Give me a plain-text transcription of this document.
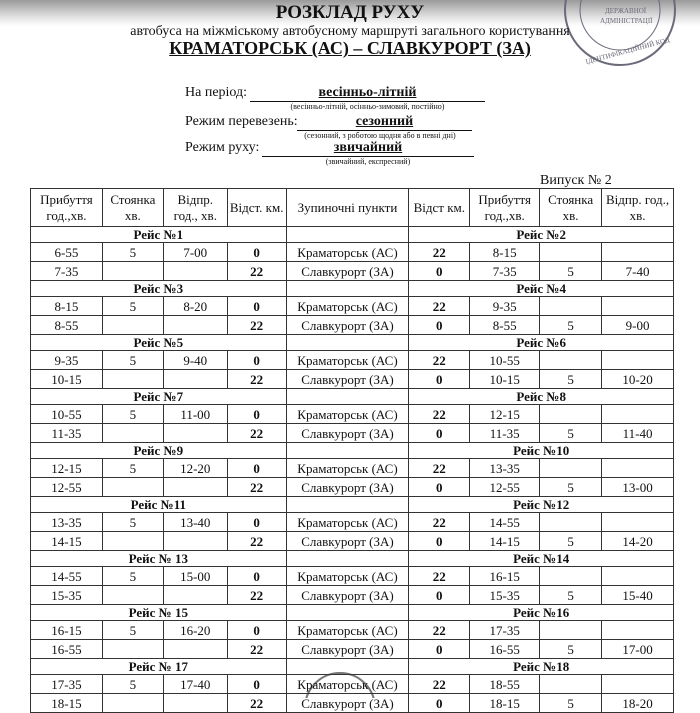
ДЕРЖАВНОЇ
АДМІНІСТРАЦІЇ
ІДЕНТИФІКАЦІЙНИЙ КОД
РОЗКЛАД РУХУ
автобуса на міжміському автобусному маршруті загального користування
КРАМАТОРСЬК (АС) – СЛАВКУРОРТ (ЗА)
На період:	весінньо-літній
(весінньо-літній, осінньо-зимовий, постійно)
Режим перевезень:	сезонний
(сезонний, з роботою щодня або в певні дні)
Режим руху:	звичайний
(звичайний, експресний)
Випуск № 2
Прибуття год.,хв.	Стоянка хв.	Відпр. год., хв.	Відст. км.	Зупиночні пункти	Відст км.	Прибуття год.,хв.	Стоянка хв.	Відпр. год., хв.
Рейс №1					Рейс №2			
6-55	5	7-00	0	Краматорськ (АС)	22	8-15		
7-35			22	Славкурорт (ЗА)	0	7-35	5	7-40
Рейс №3					Рейс №4			
8-15	5	8-20	0	Краматорськ (АС)	22	9-35		
8-55			22	Славкурорт (ЗА)	0	8-55	5	9-00
Рейс №5					Рейс №6			
9-35	5	9-40	0	Краматорськ (АС)	22	10-55		
10-15			22	Славкурорт (ЗА)	0	10-15	5	10-20
Рейс №7					Рейс №8			
10-55	5	11-00	0	Краматорськ (АС)	22	12-15		
11-35			22	Славкурорт (ЗА)	0	11-35	5	11-40
Рейс №9					Рейс №10			
12-15	5	12-20	0	Краматорськ (АС)	22	13-35		
12-55			22	Славкурорт (ЗА)	0	12-55	5	13-00
Рейс №11					Рейс №12			
13-35	5	13-40	0	Краматорськ (АС)	22	14-55		
14-15			22	Славкурорт (ЗА)	0	14-15	5	14-20
Рейс № 13					Рейс №14			
14-55	5	15-00	0	Краматорськ (АС)	22	16-15		
15-35			22	Славкурорт (ЗА)	0	15-35	5	15-40
Рейс № 15					Рейс №16			
16-15	5	16-20	0	Краматорськ (АС)	22	17-35		
16-55			22	Славкурорт (ЗА)	0	16-55	5	17-00
Рейс № 17					Рейс №18			
17-35	5	17-40	0	Краматорськ (АС)	22	18-55		
18-15			22	Славкурорт (ЗА)	0	18-15	5	18-20
